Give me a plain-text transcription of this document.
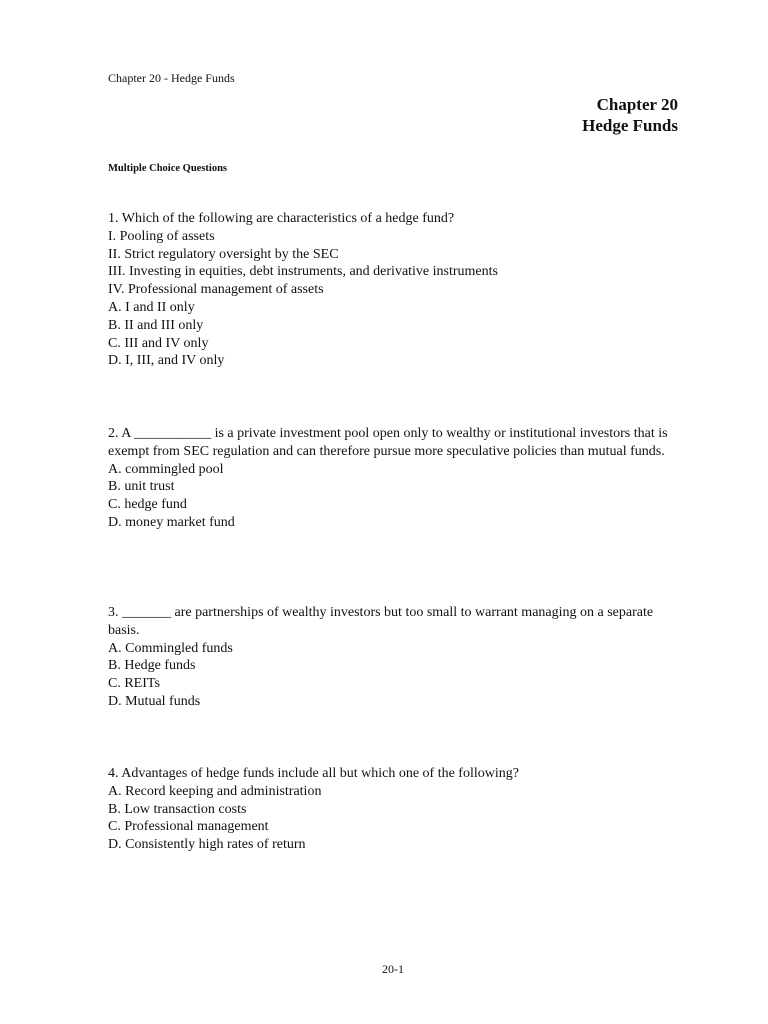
Chapter 20 - Hedge Funds
Chapter 20
Hedge Funds
Multiple Choice Questions
1. Which of the following are characteristics of a hedge fund?
I. Pooling of assets
II. Strict regulatory oversight by the SEC
III. Investing in equities, debt instruments, and derivative instruments
IV. Professional management of assets
A. I and II only
B. II and III only
C. III and IV only
D. I, III, and IV only
2. A ___________ is a private investment pool open only to wealthy or institutional investors that is exempt from SEC regulation and can therefore pursue more speculative policies than mutual funds.
A. commingled pool
B. unit trust
C. hedge fund
D. money market fund
3. _______ are partnerships of wealthy investors but too small to warrant managing on a separate basis.
A. Commingled funds
B. Hedge funds
C. REITs
D. Mutual funds
4. Advantages of hedge funds include all but which one of the following?
A. Record keeping and administration
B. Low transaction costs
C. Professional management
D. Consistently high rates of return
20-1
